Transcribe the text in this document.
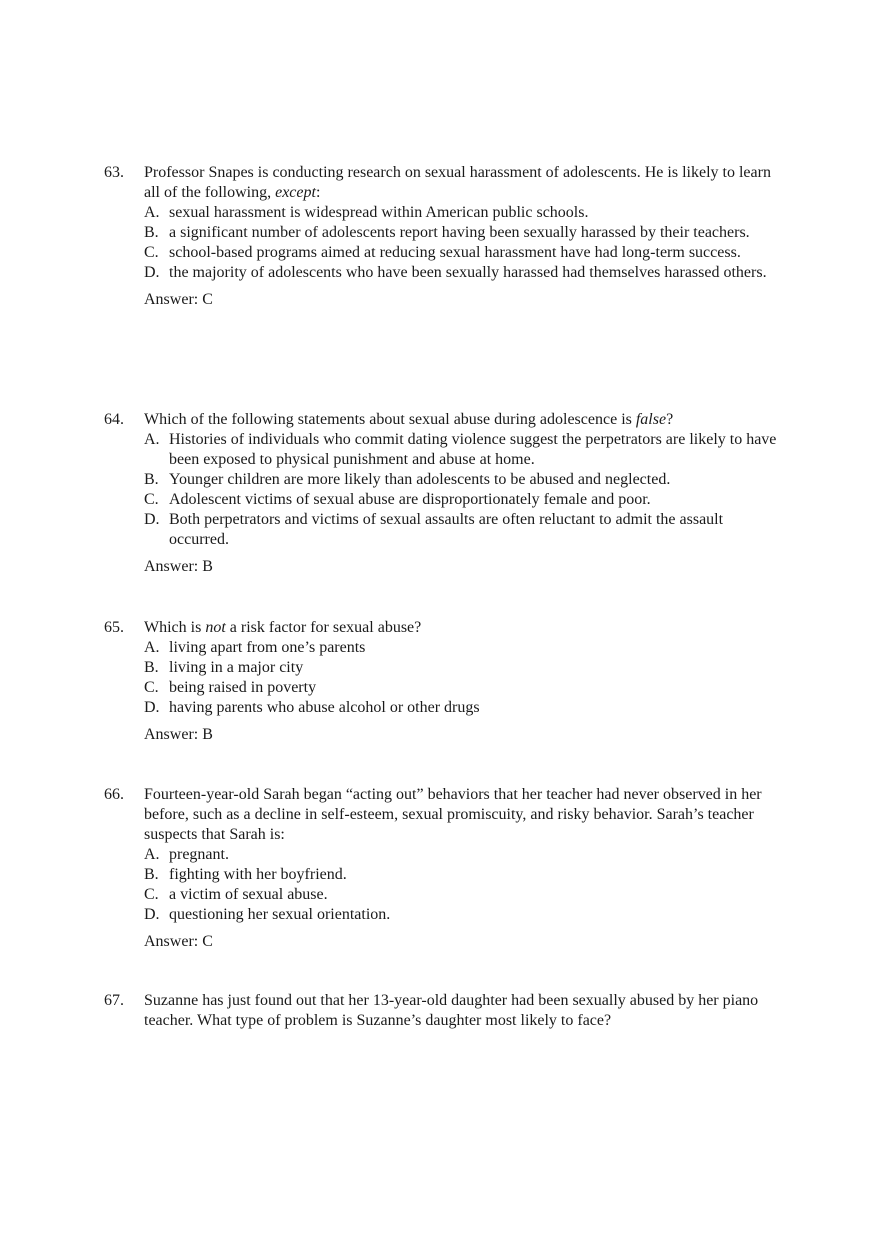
63. Professor Snapes is conducting research on sexual harassment of adolescents. He is likely to learn all of the following, except:
A. sexual harassment is widespread within American public schools.
B. a significant number of adolescents report having been sexually harassed by their teachers.
C. school-based programs aimed at reducing sexual harassment have had long-term success.
D. the majority of adolescents who have been sexually harassed had themselves harassed others.
Answer: C
64. Which of the following statements about sexual abuse during adolescence is false?
A. Histories of individuals who commit dating violence suggest the perpetrators are likely to have been exposed to physical punishment and abuse at home.
B. Younger children are more likely than adolescents to be abused and neglected.
C. Adolescent victims of sexual abuse are disproportionately female and poor.
D. Both perpetrators and victims of sexual assaults are often reluctant to admit the assault occurred.
Answer: B
65. Which is not a risk factor for sexual abuse?
A. living apart from one’s parents
B. living in a major city
C. being raised in poverty
D. having parents who abuse alcohol or other drugs
Answer: B
66. Fourteen-year-old Sarah began “acting out” behaviors that her teacher had never observed in her before, such as a decline in self-esteem, sexual promiscuity, and risky behavior. Sarah’s teacher suspects that Sarah is:
A. pregnant.
B. fighting with her boyfriend.
C. a victim of sexual abuse.
D. questioning her sexual orientation.
Answer: C
67. Suzanne has just found out that her 13-year-old daughter had been sexually abused by her piano teacher. What type of problem is Suzanne’s daughter most likely to face?
